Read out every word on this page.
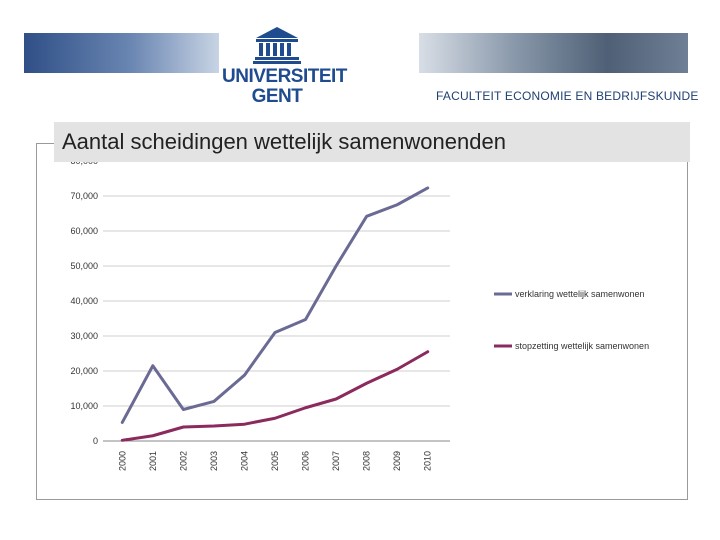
UNIVERSITEIT
GENT	FACULTEIT ECONOMIE EN BEDRIJFSKUNDE
0
10,000
20,000
30,000
40,000
50,000
60,000
70,000
2000 2001 2002 2003 2004 2005 2006 2007 2008 2009 2010
verklaring wettelijk samenwonen
stopzetting wettelijk samenwonen
Aantal scheidingen wettelijk samenwonenden
